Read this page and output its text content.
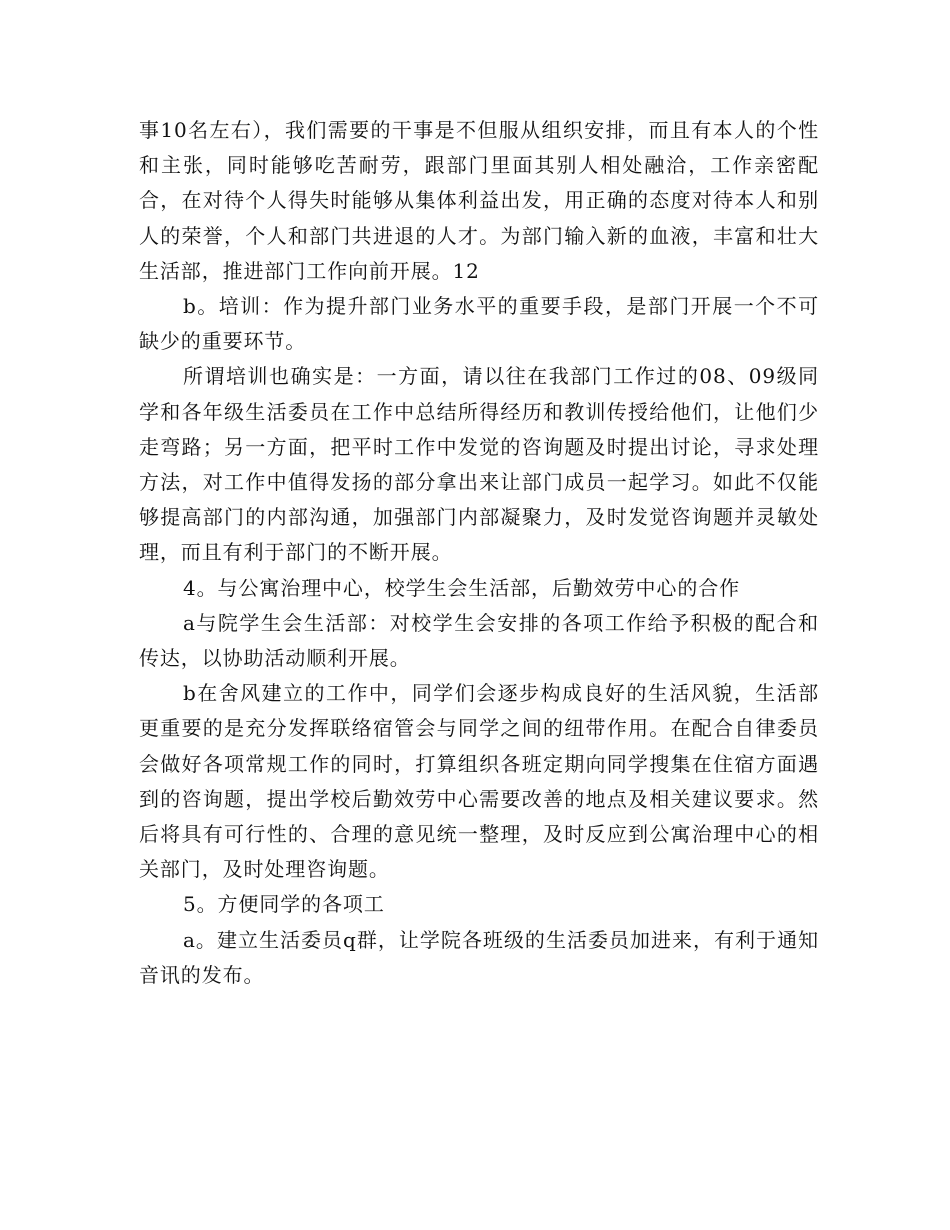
事10名左右），我们需要的干事是不但服从组织安排，而且有本人的个性和主张，同时能够吃苦耐劳，跟部门里面其别人相处融洽，工作亲密配合，在对待个人得失时能够从集体利益出发，用正确的态度对待本人和别人的荣誉，个人和部门共进退的人才。为部门输入新的血液，丰富和壮大生活部，推进部门工作向前开展。12

b。培训：作为提升部门业务水平的重要手段，是部门开展一个不可缺少的重要环节。

所谓培训也确实是：一方面，请以往在我部门工作过的08、09级同学和各年级生活委员在工作中总结所得经历和教训传授给他们，让他们少走弯路；另一方面，把平时工作中发觉的咨询题及时提出讨论，寻求处理方法，对工作中值得发扬的部分拿出来让部门成员一起学习。如此不仅能够提高部门的内部沟通，加强部门内部凝聚力，及时发觉咨询题并灵敏处理，而且有利于部门的不断开展。

4。与公寓治理中心，校学生会生活部，后勤效劳中心的合作

a与院学生会生活部：对校学生会安排的各项工作给予积极的配合和传达，以协助活动顺利开展。

b在舍风建立的工作中，同学们会逐步构成良好的生活风貌，生活部更重要的是充分发挥联络宿管会与同学之间的纽带作用。在配合自律委员会做好各项常规工作的同时，打算组织各班定期向同学搜集在住宿方面遇到的咨询题，提出学校后勤效劳中心需要改善的地点及相关建议要求。然后将具有可行性的、合理的意见统一整理，及时反应到公寓治理中心的相关部门，及时处理咨询题。

5。方便同学的各项工

a。建立生活委员q群，让学院各班级的生活委员加进来，有利于通知音讯的发布。
